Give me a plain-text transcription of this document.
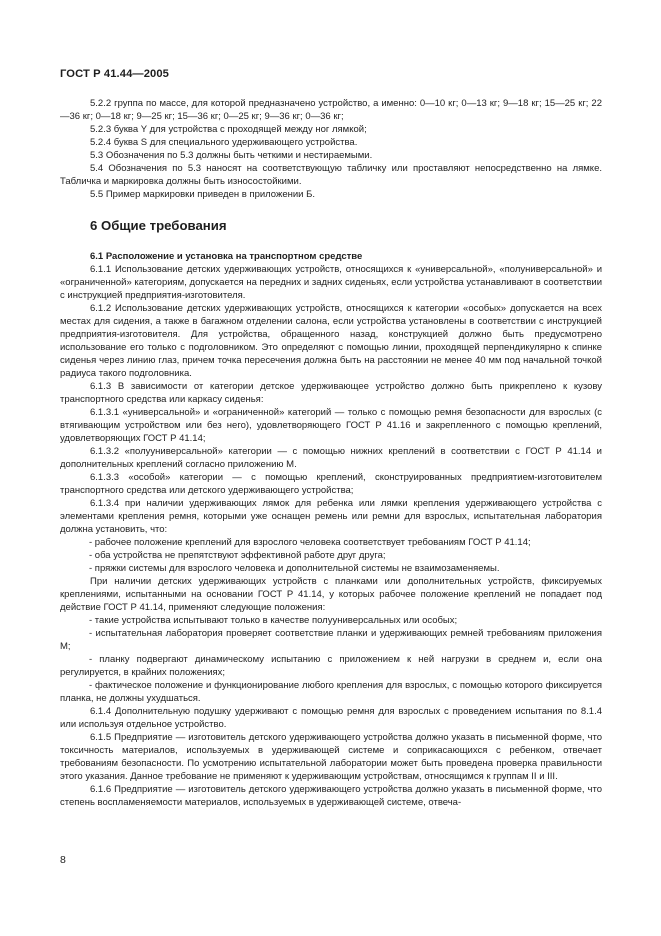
ГОСТ Р 41.44—2005

5.2.2 группа по массе, для которой предназначено устройство, а именно: 0—10 кг; 0—13 кг; 9—18 кг; 15—25 кг; 22—36 кг; 0—18 кг; 9—25 кг; 15—36 кг; 0—25 кг; 9—36 кг; 0—36 кг;

5.2.3 буква Y для устройства с проходящей между ног лямкой;

5.2.4 буква S для специального удерживающего устройства.

5.3 Обозначения по 5.3 должны быть четкими и нестираемыми.

5.4 Обозначения по 5.3 наносят на соответствующую табличку или проставляют непосредственно на лямке. Табличка и маркировка должны быть износостойкими.

5.5 Пример маркировки приведен в приложении Б.

6 Общие требования

6.1 Расположение и установка на транспортном средстве

6.1.1 Использование детских удерживающих устройств, относящихся к «универсальной», «полуниверсальной» и «ограниченной» категориям, допускается на передних и задних сиденьях, если устройства устанавливают в соответствии с инструкцией предприятия-изготовителя.

6.1.2 Использование детских удерживающих устройств, относящихся к категории «особых» допускается на всех местах для сидения, а также в багажном отделении салона, если устройства установлены в соответствии с инструкцией предприятия-изготовителя. Для устройства, обращенного назад, конструкцией должно быть предусмотрено использование его только с подголовником. Это определяют с помощью линии, проходящей перпендикулярно к спинке сиденья через линию глаз, причем точка пересечения должна быть на расстоянии не менее 40 мм под начальной точкой радиуса такого подголовника.

6.1.3 В зависимости от категории детское удерживающее устройство должно быть прикреплено к кузову транспортного средства или каркасу сиденья:

6.1.3.1 «универсальной» и «ограниченной» категорий — только с помощью ремня безопасности для взрослых (с втягивающим устройством или без него), удовлетворяющего ГОСТ Р 41.16 и закрепленного с помощью креплений, удовлетворяющих ГОСТ Р 41.14;

6.1.3.2 «полууниверсальной» категории — с помощью нижних креплений в соответствии с ГОСТ Р 41.14 и дополнительных креплений согласно приложению М.

6.1.3.3 «особой» категории — с помощью креплений, сконструированных предприятием-изготовителем транспортного средства или детского удерживающего устройства;

6.1.3.4 при наличии удерживающих лямок для ребенка или лямки крепления удерживающего устройства с элементами крепления ремня, которыми уже оснащен ремень или ремни для взрослых, испытательная лаборатория должна установить, что:

- рабочее положение креплений для взрослого человека соответствует требованиям ГОСТ Р 41.14;

- оба устройства не препятствуют эффективной работе друг друга;

- пряжки системы для взрослого человека и дополнительной системы не взаимозаменяемы.

При наличии детских удерживающих устройств с планками или дополнительных устройств, фиксируемых креплениями, испытанными на основании ГОСТ Р 41.14, у которых рабочее положение креплений не попадает под действие ГОСТ Р 41.14, применяют следующие положения:

- такие устройства испытывают только в качестве полууниверсальных или особых;

- испытательная лаборатория проверяет соответствие планки и удерживающих ремней требованиям приложения М;

- планку подвергают динамическому испытанию с приложением к ней нагрузки в среднем и, если она регулируется, в крайних положениях;

- фактическое положение и функционирование любого крепления для взрослых, с помощью которого фиксируется планка, не должны ухудшаться.

6.1.4 Дополнительную подушку удерживают с помощью ремня для взрослых с проведением испытания по 8.1.4 или используя отдельное устройство.

6.1.5 Предприятие — изготовитель детского удерживающего устройства должно указать в письменной форме, что токсичность материалов, используемых в удерживающей системе и соприкасающихся с ребенком, отвечает требованиям безопасности. По усмотрению испытательной лаборатории может быть проведена проверка правильности этого указания. Данное требование не применяют к удерживающим устройствам, относящимся к группам II и III.

6.1.6 Предприятие — изготовитель детского удерживающего устройства должно указать в письменной форме, что степень воспламеняемости материалов, используемых в удерживающей системе, отвеча-

8
